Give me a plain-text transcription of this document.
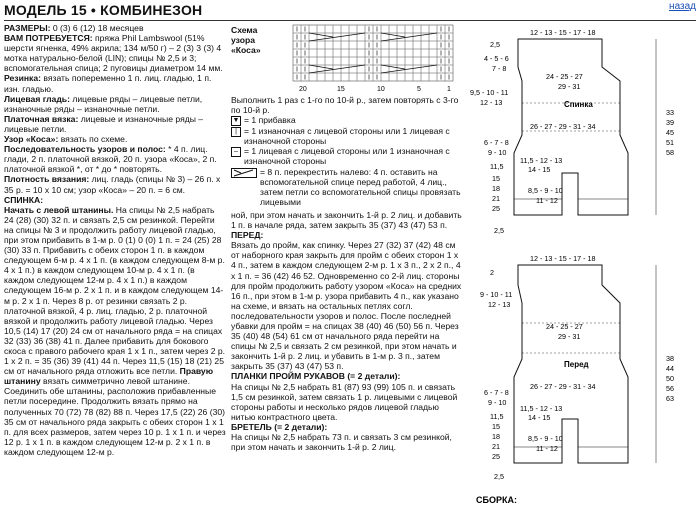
МОДЕЛЬ 15 • КОМБИНЕЗОН	назад

РАЗМЕРЫ: 0 (3) 6 (12) 18 месяцев

ВАМ ПОТРЕБУЕТСЯ: пряжа Phil Lambswool (51% шерсти ягненка, 49% акрила; 134 м/50 г) – 2 (3) 3 (3) 4 мотка натурально-белой (LIN); спицы № 2,5 и 3; вспомогательная спица; 2 пуговицы диаметром 14 мм.

Резинка: вязать попеременно 1 п. лиц. гладью, 1 п. изн. гладью.

Лицевая гладь: лицевые ряды – лицевые петли, изнаночные ряды – изнаночные петли.

Платочная вязка: лицевые и изнаночные ряды – лицевые петли.

Узор «Коса»: вязать по схеме.

Последовательность узоров и полос: * 4 п. лиц. глади, 2 п. платочной вязкой, 20 п. узора «Коса», 2 п. платочной вязкой *, от * до * повторять.

Плотность вязания: лиц. гладь (спицы № 3) – 26 п. х 35 р. = 10 х 10 см; узор «Коса» – 20 п. = 6 см.

СПИНКА:

Начать с левой штанины. На спицы № 2,5 набрать 24 (28) (30) 32 п. и связать 2,5 см резинкой. Перейти на спицы № 3 и продолжить работу лицевой гладью, при этом прибавить в 1-м р. 0 (1) 0 (0) 1 п. = 24 (25) 28 (30) 33 п. Прибавить с обеих сторон 1 п. в каждом следующем 6-м р. 4 х 1 п. (в каждом следующем 8-м р. 4 х 1 п.) в каждом следующем 10-м р. 4 х 1 п. (в каждом следующем 12-м р. 4 х 1 п.) в каждом следующем 16-м р. 2 х 1 п. и в каждом следующем 14-м р. 2 х 1 п. Через 8 р. от резинки связать 2 р. платочной вязкой, 4 р. лиц. гладью, 2 р. платочной вязкой и продолжить работу лицевой гладью. Через 10,5 (14) 17 (20) 24 см от начального ряда = на спицах 32 (33) 36 (38) 41 п. Далее прибавить для бокового скоса с правого рабочего края 1 х 1 п., затем через 2 р. 1 х 2 п. = 35 (36) 39 (41) 44 п. Через 11,5 (15) 18 (21) 25 см от начального ряда отложить все петли. Правую штанину вязать симметрично левой штанине. Соединить обе штанины, расположив прибавленные петли посередине. Продолжить вязать прямо на полученных 70 (72) 78 (82) 88 п. Через 17,5 (22) 26 (30) 35 см от начального ряда закрыть с обеих сторон 1 х 1 п. для всех размеров, затем через 10 р. 1 х 1 п. и через 12 р. 1 х 1 п. в каждом следующем 12-м р. 2 х 1 п. в каждом следующем 12-м р.

Схема
узора «Коса»
20	15	10	5	1

Выполнить 1 раз с 1-го по 10-й р., затем повторять с 3-го по 10-й р.

▼ = 1 прибавка
| = 1 изнаночная с лицевой стороны или 1 лицевая с изнаночной стороны
– = 1 лицевая с лицевой стороны или 1 изнаночная с изнаночной стороны
= 8 п. перекрестить налево: 4 п. оставить на вспомогательной спице перед работой, 4 лиц., затем петли со вспомогательной спицы провязать лицевыми

ной, при этом начать и закончить 1-й р. 2 лиц. и добавить 1 п. в начале ряда, затем закрыть 35 (37) 43 (47) 53 п.

ПЕРЕД:

Вязать до пройм, как спинку. Через 27 (32) 37 (42) 48 см от наборного края закрыть для пройм с обеих сторон 1 х 4 п., затем в каждом следующем 2-м р. 1 х 3 п., 2 х 2 п., 4 х 1 п. = 36 (42) 46 52. Одновременно со 2-й лиц. стороны для пройм продолжить работу узором «Коса» на средних 16 п., при этом в 1-м р. узора прибавить 4 п., как указано на схеме, и вязать на остальных петлях согл. последовательности узоров и полос. После последней убавки для пройм = на спицах 38 (40) 46 (50) 56 п. Через 35 (40) 48 (54) 61 см от начального ряда перейти на спицы № 2,5 и связать 2 см резинкой, при этом начать и закончить 1-й р. 2 лиц. и убавить в 1-м р. 3 п., затем закрыть 35 (37) 43 (47) 53 п.

ПЛАНКИ ПРОЙМ РУКАВОВ (= 2 детали):

На спицы № 2,5 набрать 81 (87) 93 (99) 105 п. и связать 1,5 см резинкой, затем связать 1 р. лицевыми с лицевой стороны работы и несколько рядов лицевой гладью нитью контрастного цвета.

БРЕТЕЛЬ (= 2 детали):

На спицы № 2,5 набрать 73 п. и связать 3 см резинкой, при этом начать и закончить 1-й р. 2 лиц.

12 - 13 - 15 - 17 - 18
2,5
4 - 5 - 6
7 - 8
9,5 - 10 - 11
12 - 13
24 - 25 - 27
29 - 31
Спинка
26 - 27 - 29 - 31 - 34
6 - 7 - 8
9 - 10
11,5 - 12 - 13
14 - 15
11,5
15
18
21
25
8,5 - 9 - 10
11 - 12
2,5
33
39
45
51
58
12 - 13 - 15 - 17 - 18
2
9 - 10 - 11
12 - 13
24 - 25 - 27
29 - 31
Перед
26 - 27 - 29 - 31 - 34
6 - 7 - 8
9 - 10
11,5 - 12 - 13
14 - 15
11,5
15
18
21
25
8,5 - 9 - 10
11 - 12
2,5
38
44
50
56
63
СБОРКА:
